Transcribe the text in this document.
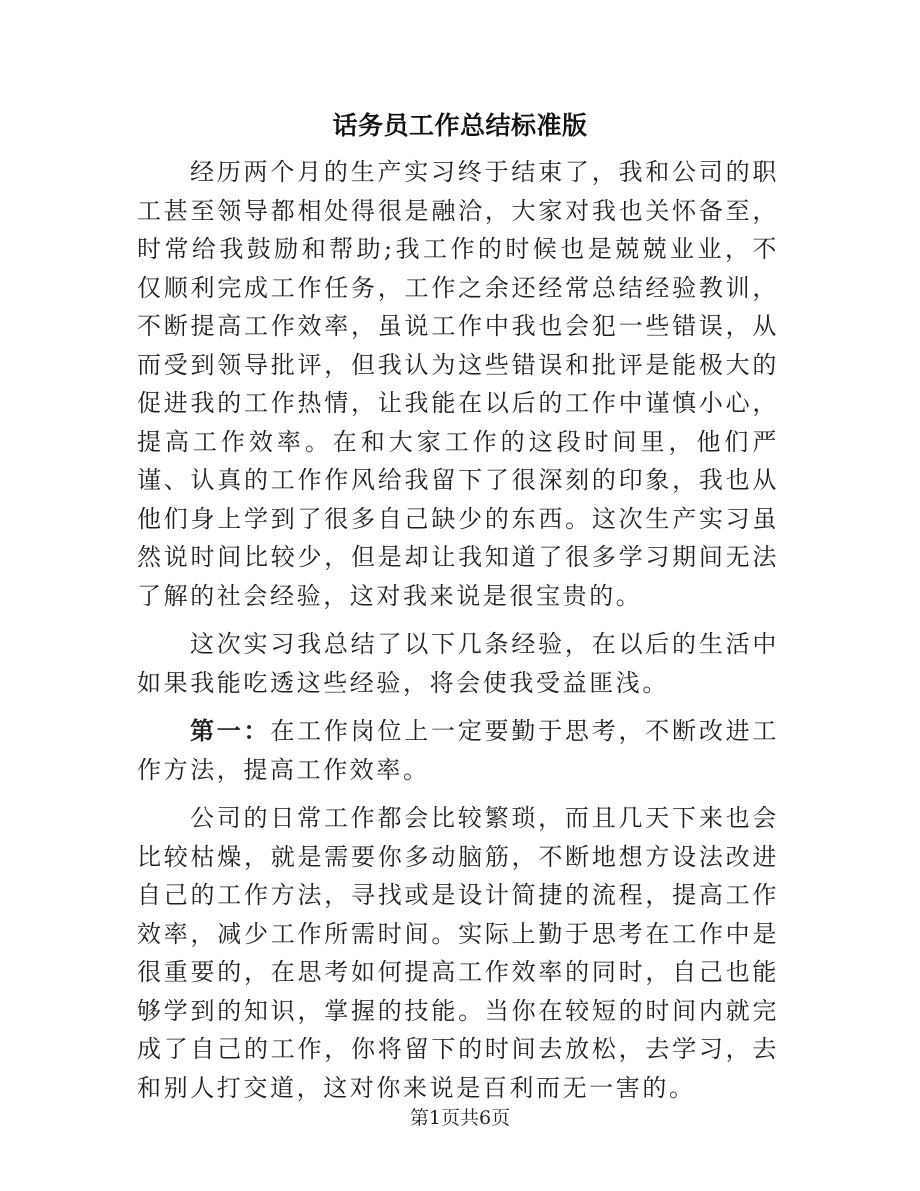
话务员工作总结标准版

经历两个月的生产实习终于结束了，我和公司的职工甚至领导都相处得很是融洽，大家对我也关怀备至，时常给我鼓励和帮助;我工作的时候也是兢兢业业，不仅顺利完成工作任务，工作之余还经常总结经验教训，不断提高工作效率，虽说工作中我也会犯一些错误，从而受到领导批评，但我认为这些错误和批评是能极大的促进我的工作热情，让我能在以后的工作中谨慎小心，提高工作效率。在和大家工作的这段时间里，他们严谨、认真的工作作风给我留下了很深刻的印象，我也从他们身上学到了很多自己缺少的东西。这次生产实习虽然说时间比较少，但是却让我知道了很多学习期间无法了解的社会经验，这对我来说是很宝贵的。

这次实习我总结了以下几条经验，在以后的生活中如果我能吃透这些经验，将会使我受益匪浅。

第一：在工作岗位上一定要勤于思考，不断改进工作方法，提高工作效率。

公司的日常工作都会比较繁琐，而且几天下来也会比较枯燥，就是需要你多动脑筋，不断地想方设法改进自己的工作方法，寻找或是设计简捷的流程，提高工作效率，减少工作所需时间。实际上勤于思考在工作中是很重要的，在思考如何提高工作效率的同时，自己也能够学到的知识，掌握的技能。当你在较短的时间内就完成了自己的工作，你将留下的时间去放松，去学习，去和别人打交道，这对你来说是百利而无一害的。

第1页共6页
